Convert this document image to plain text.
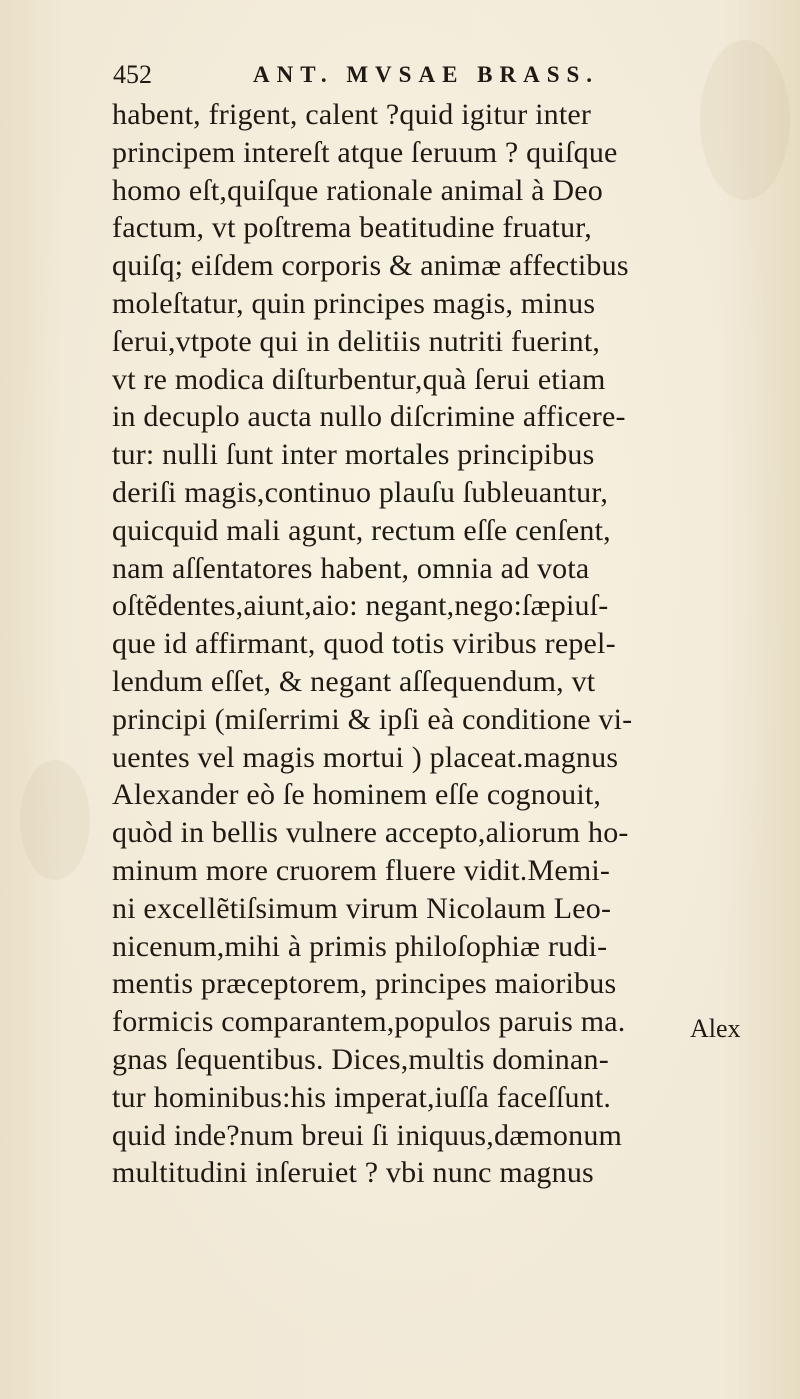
452	ANT. MVSAE BRASS.
habent, frigent, calent ?quid igitur inter
principem intereſt atque ſeruum ? quiſque
homo eſt,quiſque rationale animal à Deo
factum, vt poſtrema beatitudine fruatur,
quiſq; eiſdem corporis & animæ affectibus
moleſtatur, quin principes magis, minus
ſerui,vtpote qui in delitiis nutriti fuerint,
vt re modica diſturbentur,quà ſerui etiam
in decuplo aucta nullo diſcrimine afficere-
tur: nulli ſunt inter mortales principibus
deriſi magis,continuo plauſu ſubleuantur,
quicquid mali agunt, rectum eſſe cenſent,
nam aſſentatores habent, omnia ad vota
oſtẽdentes,aiunt,aio: negant,nego:ſæpiuſ-
que id affirmant, quod totis viribus repel-
lendum eſſet, & negant aſſequendum, vt
principi (miſerrimi & ipſi eà conditione vi-
uentes vel magis mortui ) placeat.magnus
Alexander eò ſe hominem eſſe cognouit,
quòd in bellis vulnere accepto,aliorum ho-
minum more cruorem fluere vidit.Memi-
ni excellẽtiſsimum virum Nicolaum Leo-
nicenum,mihi à primis philoſophiæ rudi-
mentis præceptorem, principes maioribus
formicis comparantem,populos paruis ma.
gnas ſequentibus. Dices,multis dominan-
tur hominibus:his imperat,iuſſa faceſſunt.
quid inde?num breui ſi iniquus,dæmonum
multitudini inſeruiet ? vbi nunc magnus
Alex
